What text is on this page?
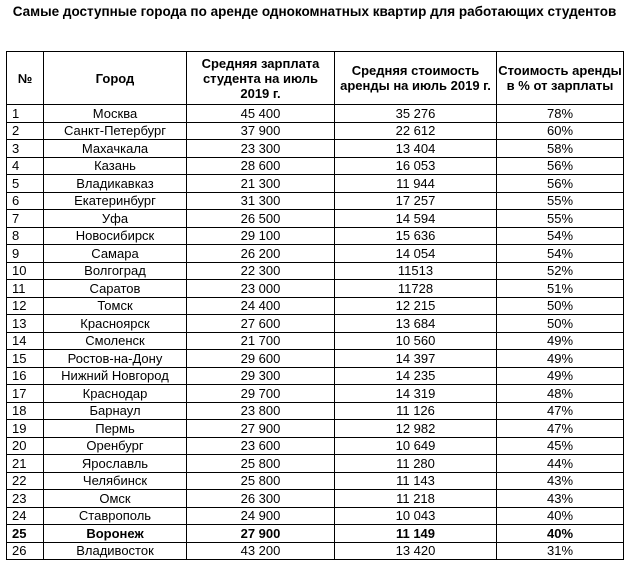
Самые доступные города по аренде однокомнатных квартир для работающих студентов
№	Город	Средняя зарплата студента на июль 2019 г.	Средняя стоимость аренды на июль 2019 г.	Стоимость аренды в % от зарплаты
1	Москва	45 400	35 276	78%
2	Санкт-Петербург	37 900	22 612	60%
3	Махачкала	23 300	13 404	58%
4	Казань	28 600	16 053	56%
5	Владикавказ	21 300	11 944	56%
6	Екатеринбург	31 300	17 257	55%
7	Уфа	26 500	14 594	55%
8	Новосибирск	29 100	15 636	54%
9	Самара	26 200	14 054	54%
10	Волгоград	22 300	11513	52%
11	Саратов	23 000	11728	51%
12	Томск	24 400	12 215	50%
13	Красноярск	27 600	13 684	50%
14	Смоленск	21 700	10 560	49%
15	Ростов-на-Дону	29 600	14 397	49%
16	Нижний Новгород	29 300	14 235	49%
17	Краснодар	29 700	14 319	48%
18	Барнаул	23 800	11 126	47%
19	Пермь	27 900	12 982	47%
20	Оренбург	23 600	10 649	45%
21	Ярославль	25 800	11 280	44%
22	Челябинск	25 800	11 143	43%
23	Омск	26 300	11 218	43%
24	Ставрополь	24 900	10 043	40%
25	Воронеж	27 900	11 149	40%
26	Владивосток	43 200	13 420	31%
